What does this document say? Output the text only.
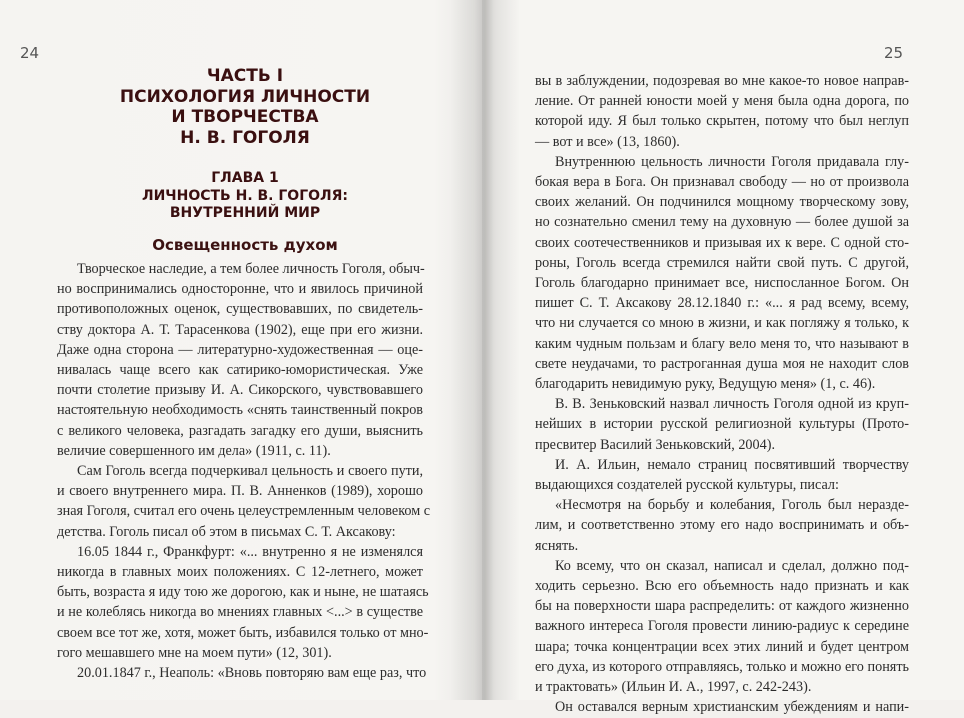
24	25
ЧАСТЬ I
ПСИХОЛОГИЯ ЛИЧНОСТИ
И ТВОРЧЕСТВА
Н. В. ГОГОЛЯ
ГЛАВА 1
ЛИЧНОСТЬ Н. В. ГОГОЛЯ:
ВНУТРЕННИЙ МИР
Освещенность духом
Творческое наследие, а тем более личность Гоголя, обыч-
но воспринимались односторонне, что и явилось причиной
противоположных оценок, существовавших, по свидетель-
ству доктора А. Т. Тарасенкова (1902), еще при его жизни.
Даже одна сторона — литературно-художественная — оце-
нивалась чаще всего как сатирико-юмористическая. Уже
почти столетие призыву И. А. Сикорского, чувствовавшего
настоятельную необходимость «снять таинственный покров
с великого человека, разгадать загадку его души, выяснить
величие совершенного им дела» (1911, с. 11).
Сам Гоголь всегда подчеркивал цельность и своего пути,
и своего внутреннего мира. П. В. Анненков (1989), хорошо
зная Гоголя, считал его очень целеустремленным человеком с
детства. Гоголь писал об этом в письмах С. Т. Аксакову:
16.05 1844 г., Франкфурт: «... внутренно я не изменялся
никогда в главных моих положениях. С 12-летнего, может
быть, возраста я иду тою же дорогою, как и ныне, не шатаясь
и не колеблясь никогда во мнениях главных <...> в существе
своем все тот же, хотя, может быть, избавился только от мно-
гого мешавшего мне на моем пути» (12, 301).
20.01.1847 г., Неаполь: «Вновь повторяю вам еще раз, что
вы в заблуждении, подозревая во мне какое-то новое направ-
ление. От ранней юности моей у меня была одна дорога, по
которой иду. Я был только скрытен, потому что был неглуп
— вот и все» (13, 1860).
Внутреннюю цельность личности Гоголя придавала глу-
бокая вера в Бога. Он признавал свободу — но от произвола
своих желаний. Он подчинился мощному творческому зову,
но сознательно сменил тему на духовную — более душой за
своих соотечественников и призывая их к вере. С одной сто-
роны, Гоголь всегда стремился найти свой путь. С другой,
Гоголь благодарно принимает все, ниспосланное Богом. Он
пишет С. Т. Аксакову 28.12.1840 г.: «... я рад всему, всему,
что ни случается со мною в жизни, и как погляжу я только, к
каким чудным пользам и благу вело меня то, что называют в
свете неудачами, то растроганная душа моя не находит слов
благодарить невидимую руку, Ведущую меня» (1, с. 46).
В. В. Зеньковский назвал личность Гоголя одной из круп-
нейших в истории русской религиозной культуры (Прото-
пресвитер Василий Зеньковский, 2004).
И. А. Ильин, немало страниц посвятивший творчеству
выдающихся создателей русской культуры, писал:
«Несмотря на борьбу и колебания, Гоголь был нераздe-
лим, и соответственно этому его надо воспринимать и объ-
яснять.
Ко всему, что он сказал, написал и сделал, должно под-
ходить серьезно. Всю его объемность надо признать и как
бы на поверхности шара распределить: от каждого жизненно
важного интереса Гоголя провести линию-радиус к середине
шара; точка концентрации всех этих линий и будет центром
его духа, из которого отправляясь, только и можно его понять
и трактовать» (Ильин И. А., 1997, с. 242-243).
Он оставался верным христианским убеждениям и напи-
